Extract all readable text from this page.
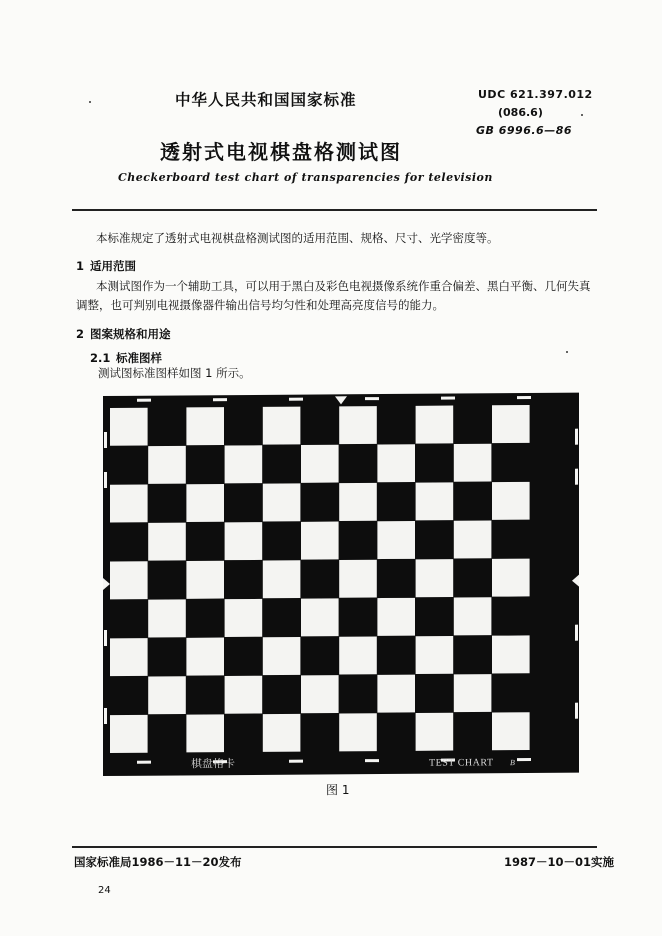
中华人民共和国国家标准	UDC 621.397.012
(086.6)
GB 6996.6—86
透射式电视棋盘格测试图
Checkerboard test chart of transparencies for television
本标准规定了透射式电视棋盘格测试图的适用范围、规格、尺寸、光学密度等。
1 适用范围
本测试图作为一个辅助工具，可以用于黑白及彩色电视摄像系统作重合偏差、黑白平衡、几何失真调整，也可判别电视摄像器件输出信号均匀性和处理高亮度信号的能力。
2 图案规格和用途
2.1 标准图样
测试图标准图样如图 1 所示。
棋盘格卡	TEST CHART B
图 1
国家标准局1986－11－20发布	1987－10－01实施
24
